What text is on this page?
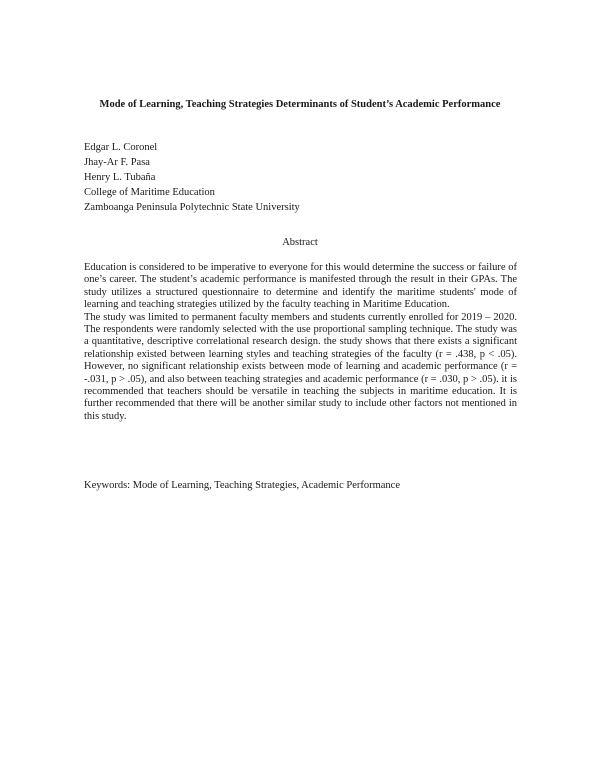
Mode of Learning, Teaching Strategies Determinants of Student’s Academic Performance
Edgar L. Coronel
Jhay-Ar F. Pasa
Henry L. Tubaña
College of Maritime Education
Zamboanga Peninsula Polytechnic State University
Abstract

Education is considered to be imperative to everyone for this would determine the success or failure of one’s career. The student’s academic performance is manifested through the result in their GPAs. The study utilizes a structured questionnaire to determine and identify the maritime students' mode of learning and teaching strategies utilized by the faculty teaching in Maritime Education.

The study was limited to permanent faculty members and students currently enrolled for 2019 – 2020. The respondents were randomly selected with the use proportional sampling technique. The study was a quantitative, descriptive correlational research design. the study shows that there exists a significant relationship existed between learning styles and teaching strategies of the faculty (r = .438, p < .05). However, no significant relationship exists between mode of learning and academic performance (r = -.031, p > .05), and also between teaching strategies and academic performance (r = .030, p > .05). it is recommended that teachers should be versatile in teaching the subjects in maritime education. It is further recommended that there will be another similar study to include other factors not mentioned in this study.

Keywords: Mode of Learning, Teaching Strategies, Academic Performance
